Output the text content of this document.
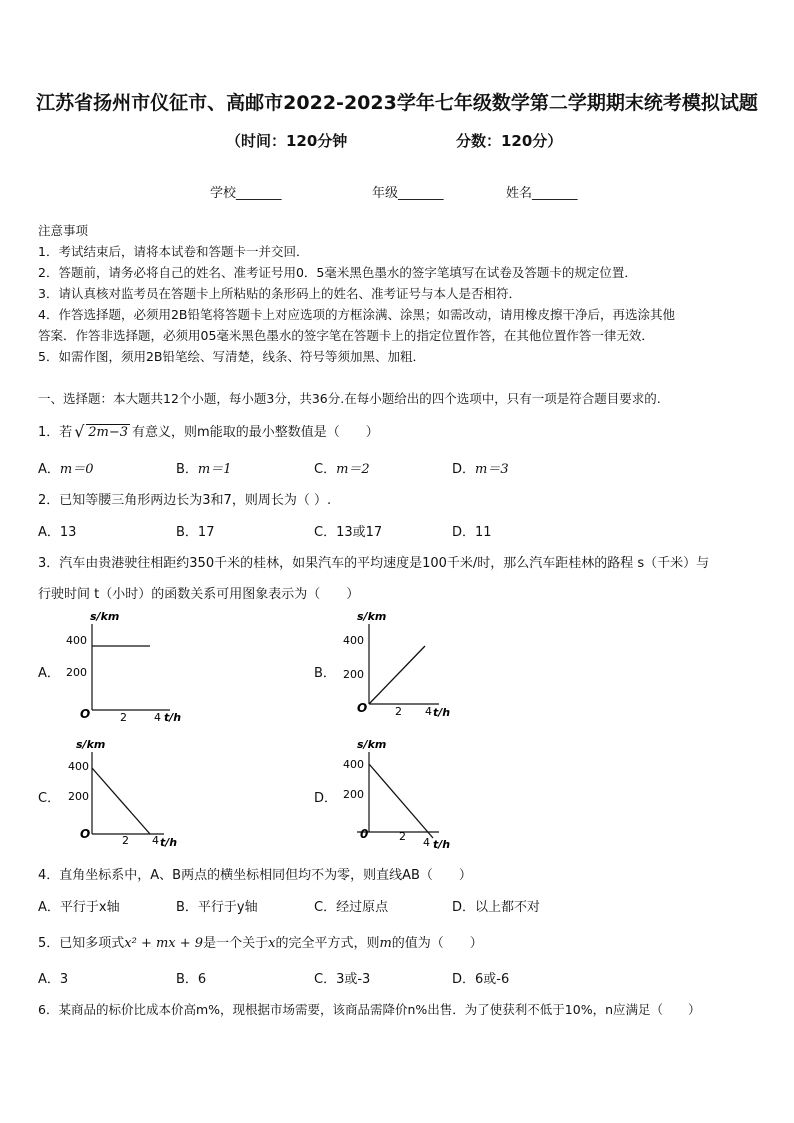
江苏省扬州市仪征市、高邮市2022-2023学年七年级数学第二学期期末统考模拟试题
（时间：120分钟	分数：120分）
学校_______	年级_______	姓名_______
注意事项
1．考试结束后，请将本试卷和答题卡一并交回．
2．答题前，请务必将自己的姓名、准考证号用0．5毫米黑色墨水的签字笔填写在试卷及答题卡的规定位置．
3．请认真核对监考员在答题卡上所粘贴的条形码上的姓名、准考证号与本人是否相符．
4．作答选择题，必须用2B铅笔将答题卡上对应选项的方框涂满、涂黑；如需改动，请用橡皮擦干净后，再选涂其他
答案．作答非选择题，必须用05毫米黑色墨水的签字笔在答题卡上的指定位置作答，在其他位置作答一律无效．
5．如需作图，须用2B铅笔绘、写清楚，线条、符号等须加黑、加粗．
一、选择题：本大题共12个小题，每小题3分，共36分.在每小题给出的四个选项中，只有一项是符合题目要求的.
1．若 √ 2m−3 有意义，则m能取的最小整数值是（　　）
A．m＝0	B．m＝1	C．m＝2	D．m＝3
2．已知等腰三角形两边长为3和7，则周长为（ ）.
A．13	B．17	C．13或17	D．11
3．汽车由贵港驶往相距约350千米的桂林，如果汽车的平均速度是100千米/时，那么汽车距桂林的路程 s（千米）与
行驶时间 t（小时）的函数关系可用图象表示为（　　）
A．	B．
C．	D．
s/km
400
200
O	2 4 t/h
s/km
400
200
O	2 4 t/h
s/km
400
200
O	2 4 t/h
s/km
400
200
0	2 4 t/h
4．直角坐标系中，A、B两点的横坐标相同但均不为零，则直线AB（　　）
A．平行于x轴	B．平行于y轴	C．经过原点	D．以上都不对
5．已知多项式x² + mx + 9是一个关于x的完全平方式，则m的值为（　　）
A．3	B．6	C．3或-3	D．6或-6
6．某商品的标价比成本价高m%，现根据市场需要，该商品需降价n%出售．为了使获利不低于10%，n应满足（　　）
